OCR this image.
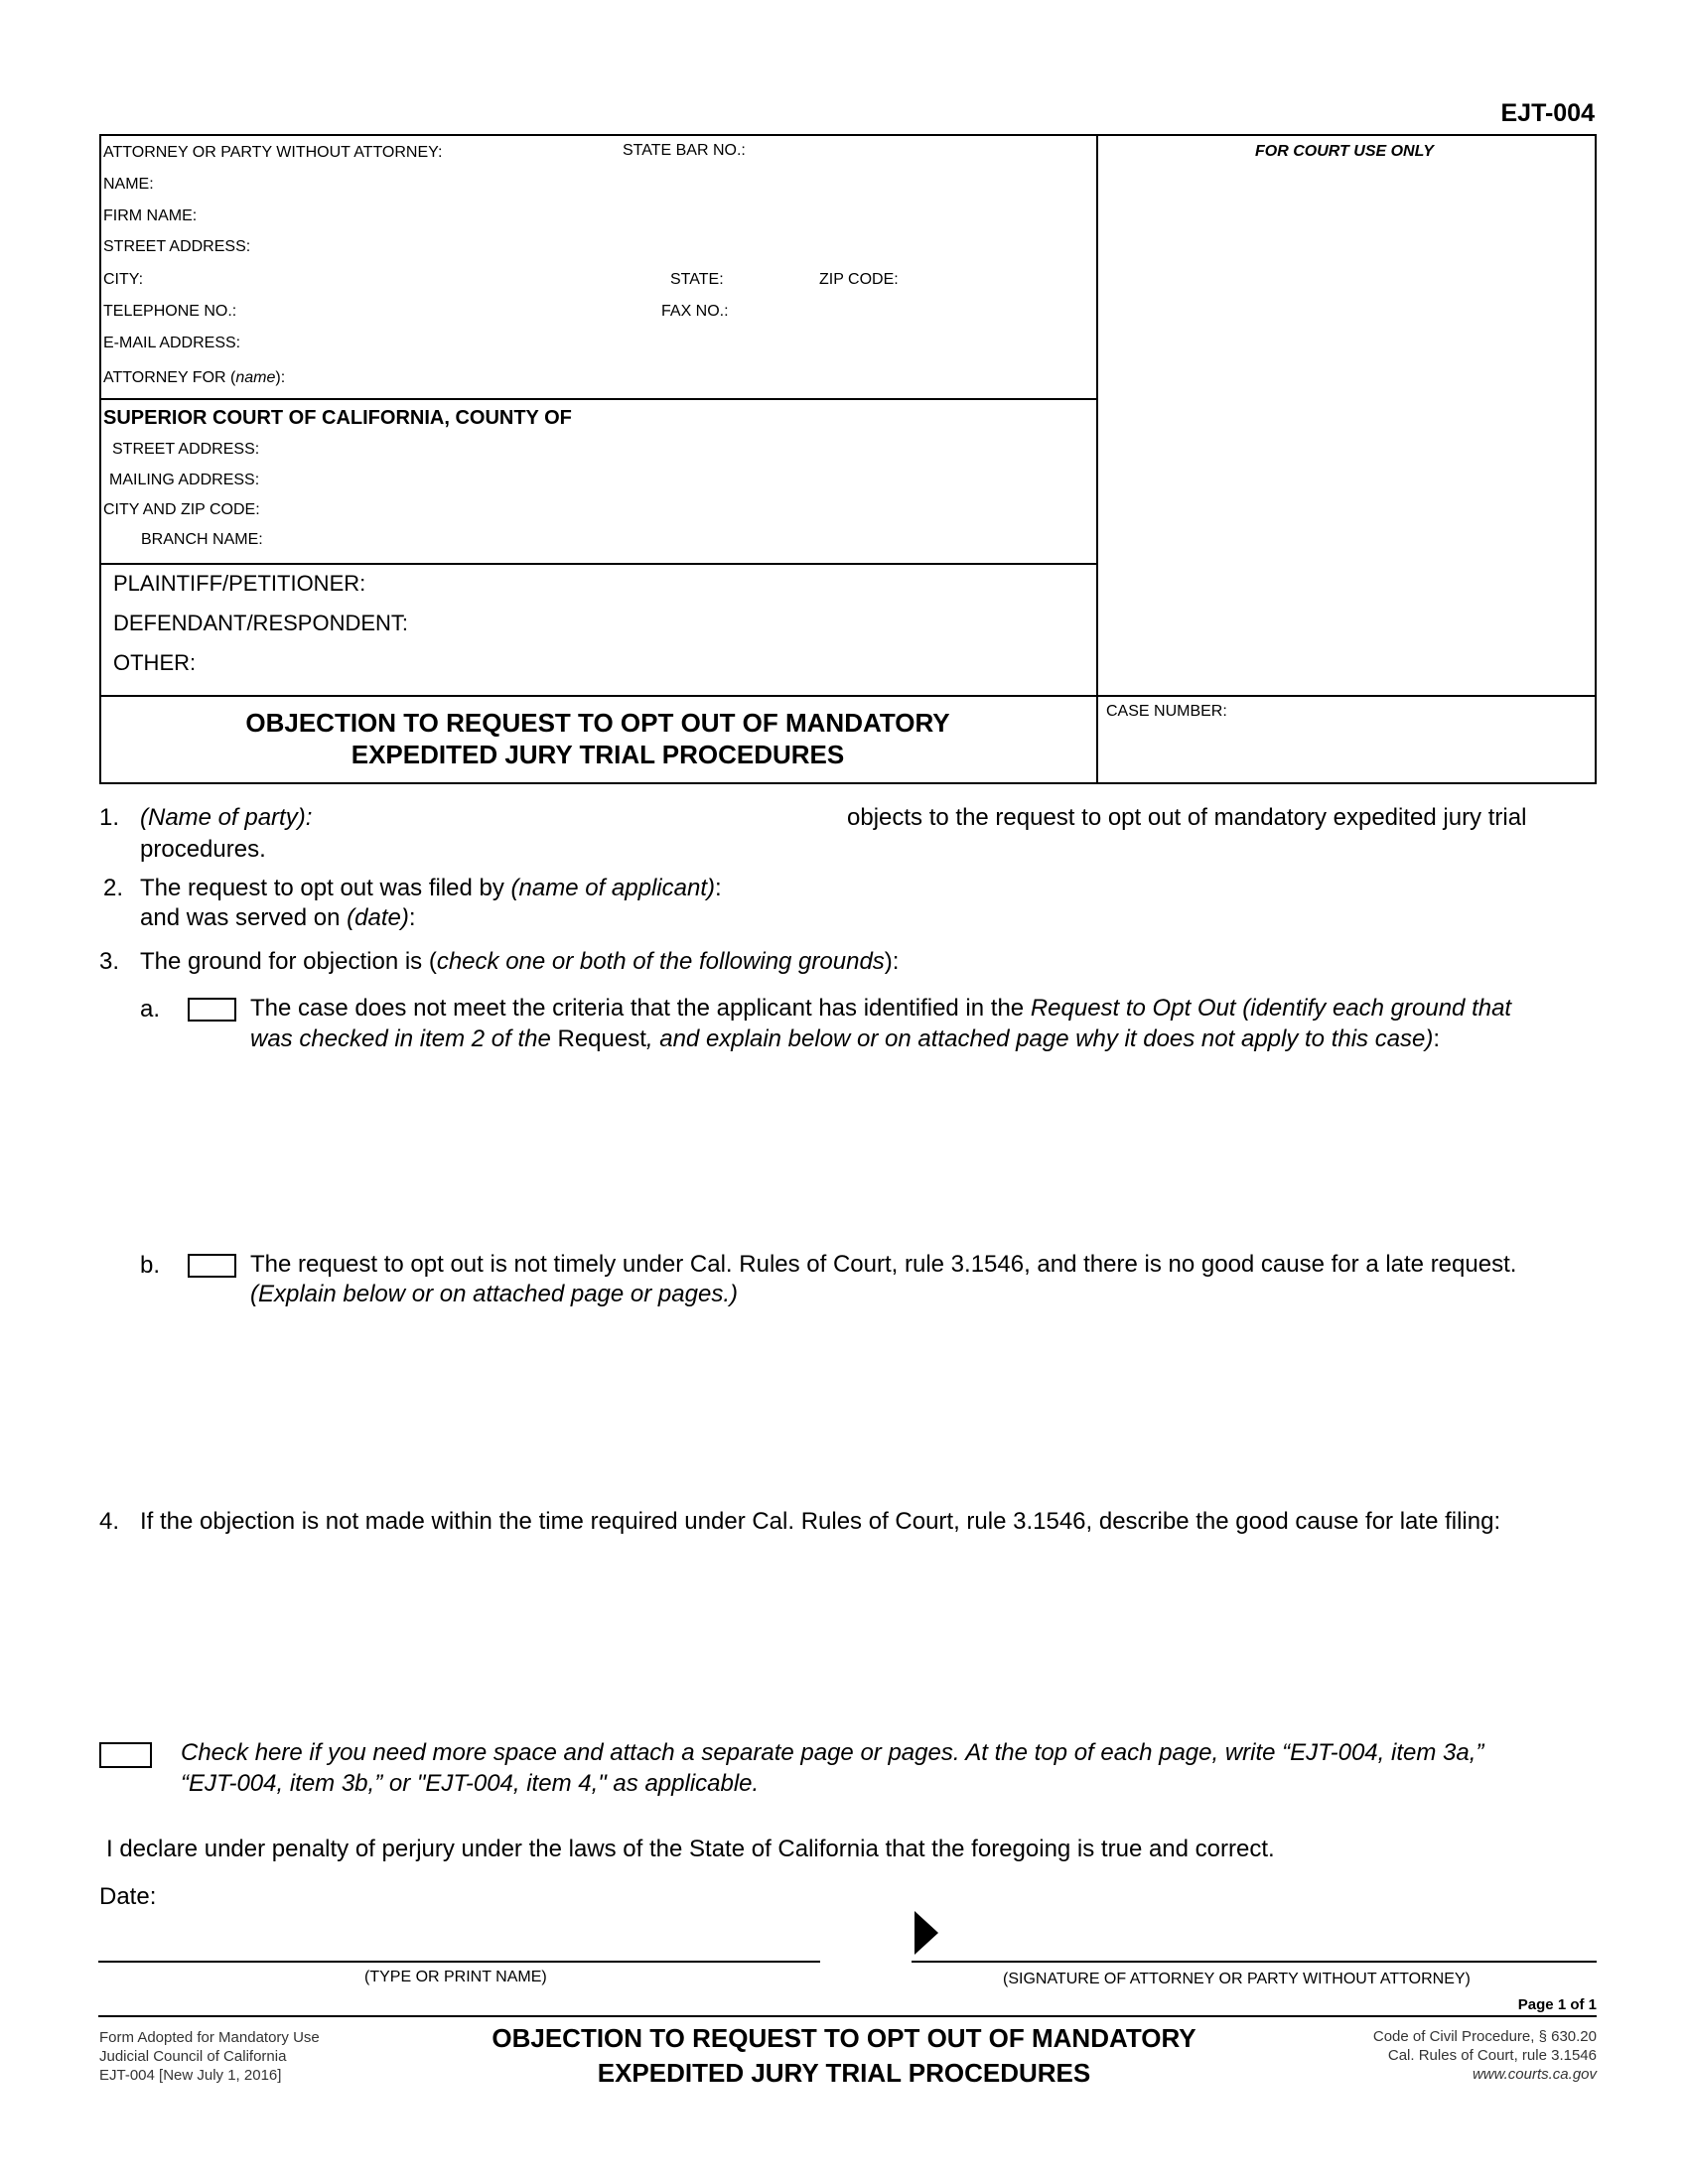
EJT-004
ATTORNEY OR PARTY WITHOUT ATTORNEY:	STATE BAR NO.:	FOR COURT USE ONLY
NAME:
FIRM NAME:
STREET ADDRESS:
CITY:	STATE:	ZIP CODE:
TELEPHONE NO.:	FAX NO.:
E-MAIL ADDRESS:
ATTORNEY FOR (name):
SUPERIOR COURT OF CALIFORNIA, COUNTY OF
STREET ADDRESS:
MAILING ADDRESS:
CITY AND ZIP CODE:
BRANCH NAME:
PLAINTIFF/PETITIONER:
DEFENDANT/RESPONDENT:
OTHER:
OBJECTION TO REQUEST TO OPT OUT OF MANDATORY
EXPEDITED JURY TRIAL PROCEDURES
CASE NUMBER:
1. (Name of party):	objects to the request to opt out of mandatory expedited jury trial
procedures.
2. The request to opt out was filed by (name of applicant):
and was served on (date):
3. The ground for objection is (check one or both of the following grounds):
a.	The case does not meet the criteria that the applicant has identified in the Request to Opt Out (identify each ground that
was checked in item 2 of the Request, and explain below or on attached page why it does not apply to this case):
b.	The request to opt out is not timely under Cal. Rules of Court, rule 3.1546, and there is no good cause for a late request.
(Explain below or on attached page or pages.)
4. If the objection is not made within the time required under Cal. Rules of Court, rule 3.1546, describe the good cause for late filing:
Check here if you need more space and attach a separate page or pages. At the top of each page, write “EJT-004, item 3a,”
“EJT-004, item 3b,” or "EJT-004, item 4," as applicable.
I declare under penalty of perjury under the laws of the State of California that the foregoing is true and correct.
Date:
(TYPE OR PRINT NAME)	(SIGNATURE OF ATTORNEY OR PARTY WITHOUT ATTORNEY)
Page 1 of 1
Form Adopted for Mandatory Use
Judicial Council of California
EJT-004 [New July 1, 2016]
OBJECTION TO REQUEST TO OPT OUT OF MANDATORY
EXPEDITED JURY TRIAL PROCEDURES
Code of Civil Procedure, § 630.20
Cal. Rules of Court, rule 3.1546
www.courts.ca.gov
